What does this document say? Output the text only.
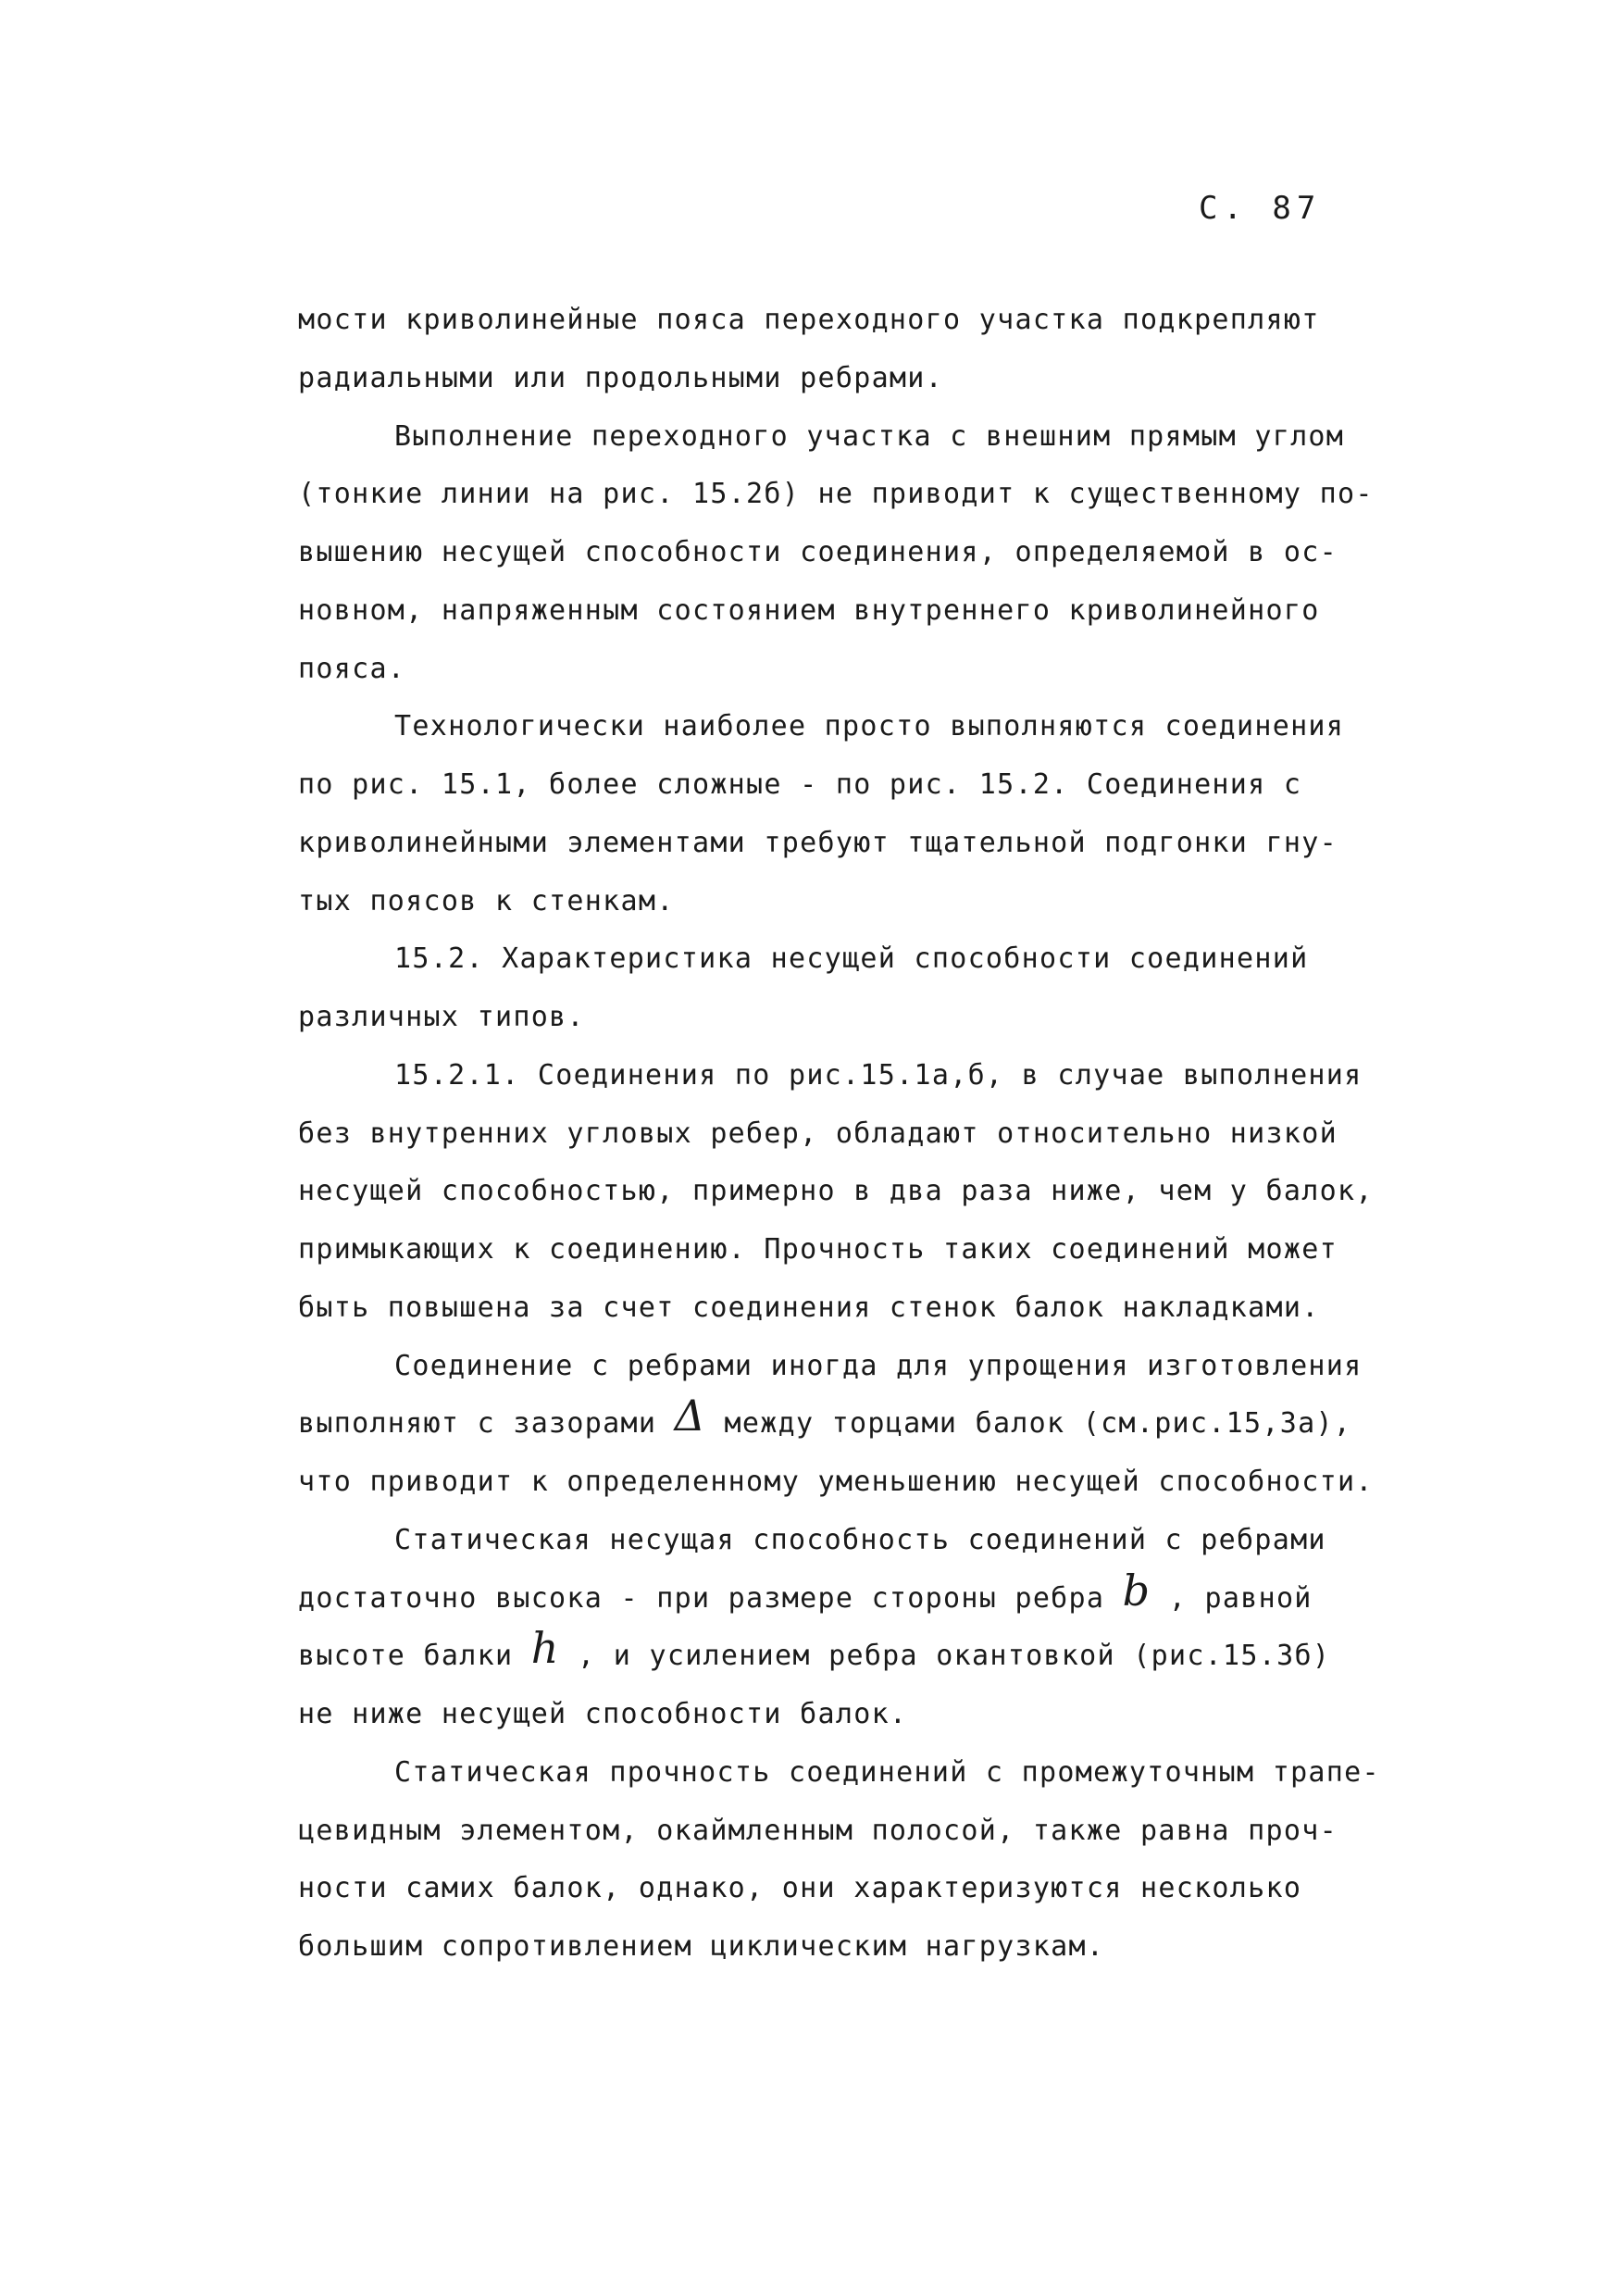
С. 87
мости криволинейные пояса переходного участка подкрепляют
радиальными или продольными ребрами.
Выполнение переходного участка с внешним прямым углом
(тонкие линии на рис. 15.2б) не приводит к существенному по-
вышению несущей способности соединения, определяемой в ос-
новном, напряженным состоянием внутреннего криволинейного
пояса.
Технологически наиболее просто выполняются соединения
по рис. 15.1, более сложные - по рис. 15.2. Соединения с
криволинейными элементами требуют тщательной подгонки гну-
тых поясов к стенкам.
15.2. Характеристика несущей способности соединений
различных типов.
15.2.1. Соединения по рис.15.1а,б, в случае выполнения
без внутренних угловых ребер, обладают относительно низкой
несущей способностью, примерно в два раза ниже, чем у балок,
примыкающих к соединению. Прочность таких соединений может
быть повышена за счет соединения стенок балок накладками.
Соединение с ребрами иногда для упрощения изготовления
выполняют с зазорами Δ между торцами балок (см.рис.15,3а),
что приводит к определенному уменьшению несущей способности.
Статическая несущая способность соединений с ребрами
достаточно высока - при размере стороны ребра b , равной
высоте балки h , и усилением ребра окантовкой (рис.15.3б)
не ниже несущей способности балок.
Статическая прочность соединений с промежуточным трапе-
цевидным элементом, окаймленным полосой, также равна проч-
ности самих балок, однако, они характеризуются несколько
большим сопротивлением циклическим нагрузкам.
